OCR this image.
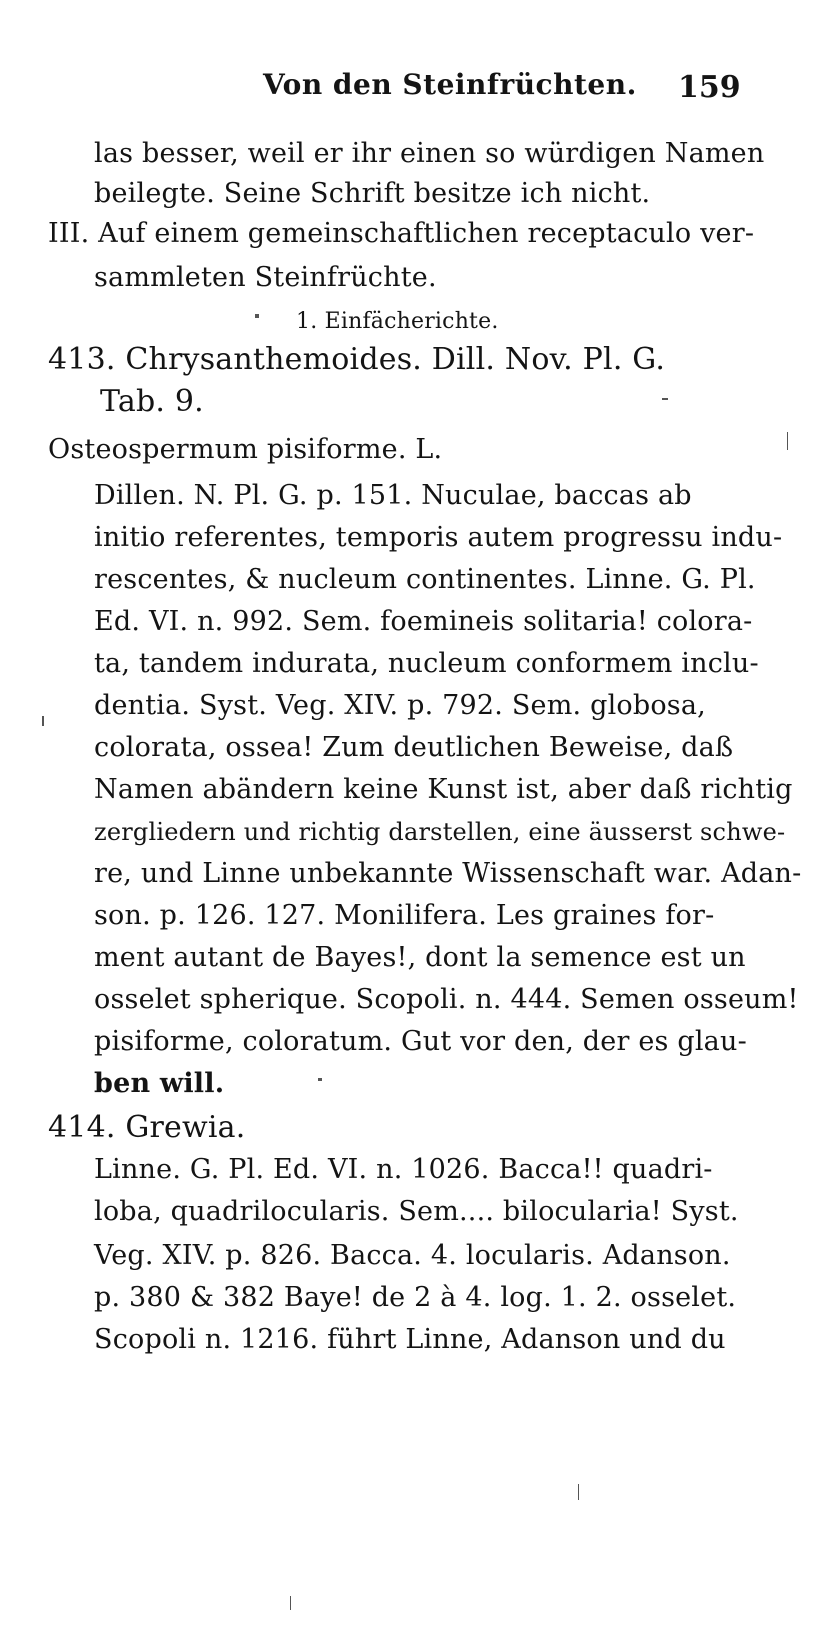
Von den Steinfrüchten. 159
las besser, weil er ihr einen so würdigen Namen
beilegte. Seine Schrift besitze ich nicht.
III. Auf einem gemeinschaftlichen receptaculo ver-
sammleten Steinfrüchte.
1. Einfächerichte.
413. Chrysanthemoides. Dill. Nov. Pl. G.
Tab. 9.
Osteospermum pisiforme. L.
Dillen. N. Pl. G. p. 151. Nuculae, baccas ab
initio referentes, temporis autem progressu indu-
rescentes, & nucleum continentes. Linne. G. Pl.
Ed. VI. n. 992. Sem. foemineis solitaria! colora-
ta, tandem indurata, nucleum conformem inclu-
dentia. Syst. Veg. XIV. p. 792. Sem. globosa,
colorata, ossea! Zum deutlichen Beweise, daß
Namen abändern keine Kunst ist, aber daß richtig
zergliedern und richtig darstellen, eine äusserst schwe-
re, und Linne unbekannte Wissenschaft war. Adan-
son. p. 126. 127. Monilifera. Les graines for-
ment autant de Bayes!, dont la semence est un
osselet spherique. Scopoli. n. 444. Semen osseum!
pisiforme, coloratum. Gut vor den, der es glau-
ben will.
414. Grewia.
Linne. G. Pl. Ed. VI. n. 1026. Bacca!! quadri-
loba, quadrilocularis. Sem.... bilocularia! Syst.
Veg. XIV. p. 826. Bacca. 4. locularis. Adanson.
p. 380 & 382 Baye! de 2 à 4. log. 1. 2. osselet.
Scopoli n. 1216. führt Linne, Adanson und du
